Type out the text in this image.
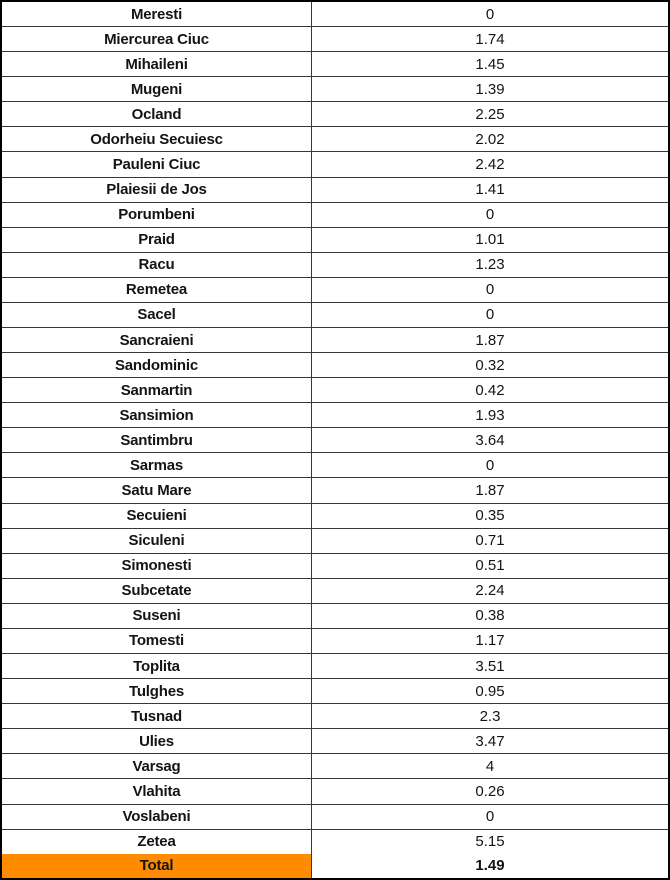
Meresti	0
Miercurea Ciuc	1.74
Mihaileni	1.45
Mugeni	1.39
Ocland	2.25
Odorheiu Secuiesc	2.02
Pauleni Ciuc	2.42
Plaiesii de Jos	1.41
Porumbeni	0
Praid	1.01
Racu	1.23
Remetea	0
Sacel	0
Sancraieni	1.87
Sandominic	0.32
Sanmartin	0.42
Sansimion	1.93
Santimbru	3.64
Sarmas	0
Satu Mare	1.87
Secuieni	0.35
Siculeni	0.71
Simonesti	0.51
Subcetate	2.24
Suseni	0.38
Tomesti	1.17
Toplita	3.51
Tulghes	0.95
Tusnad	2.3
Ulies	3.47
Varsag	4
Vlahita	0.26
Voslabeni	0
Zetea	5.15
Total	1.49
